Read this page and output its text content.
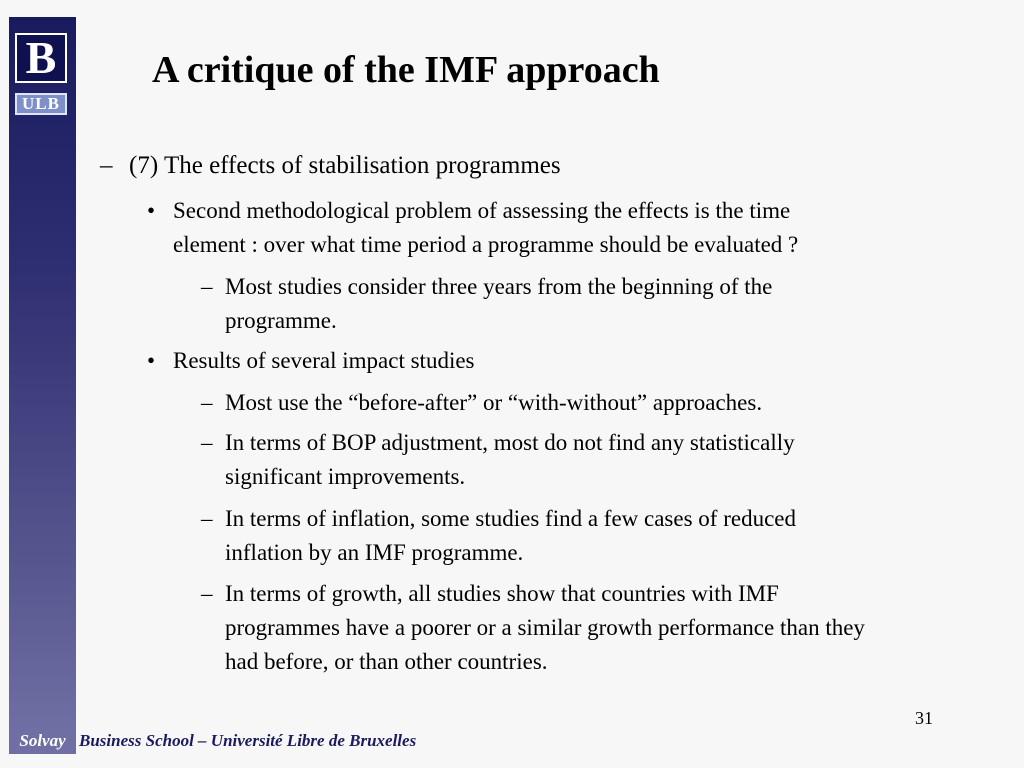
B
ULB
A critique of the IMF approach
– (7) The effects of stabilisation programmes
• Second methodological problem of assessing the effects is the time
element : over what time period a programme should be evaluated ?
– Most studies consider three years from the beginning of the
programme.
• Results of several impact studies
– Most use the “before-after” or “with-without” approaches.
– In terms of BOP adjustment, most do not find any statistically
significant improvements.
– In terms of inflation, some studies find a few cases of reduced
inflation by an IMF programme.
– In terms of growth, all studies show that countries with IMF
programmes have a poorer or a similar growth performance than they
had before, or than other countries.
31
Solvay Business School – Université Libre de Bruxelles
